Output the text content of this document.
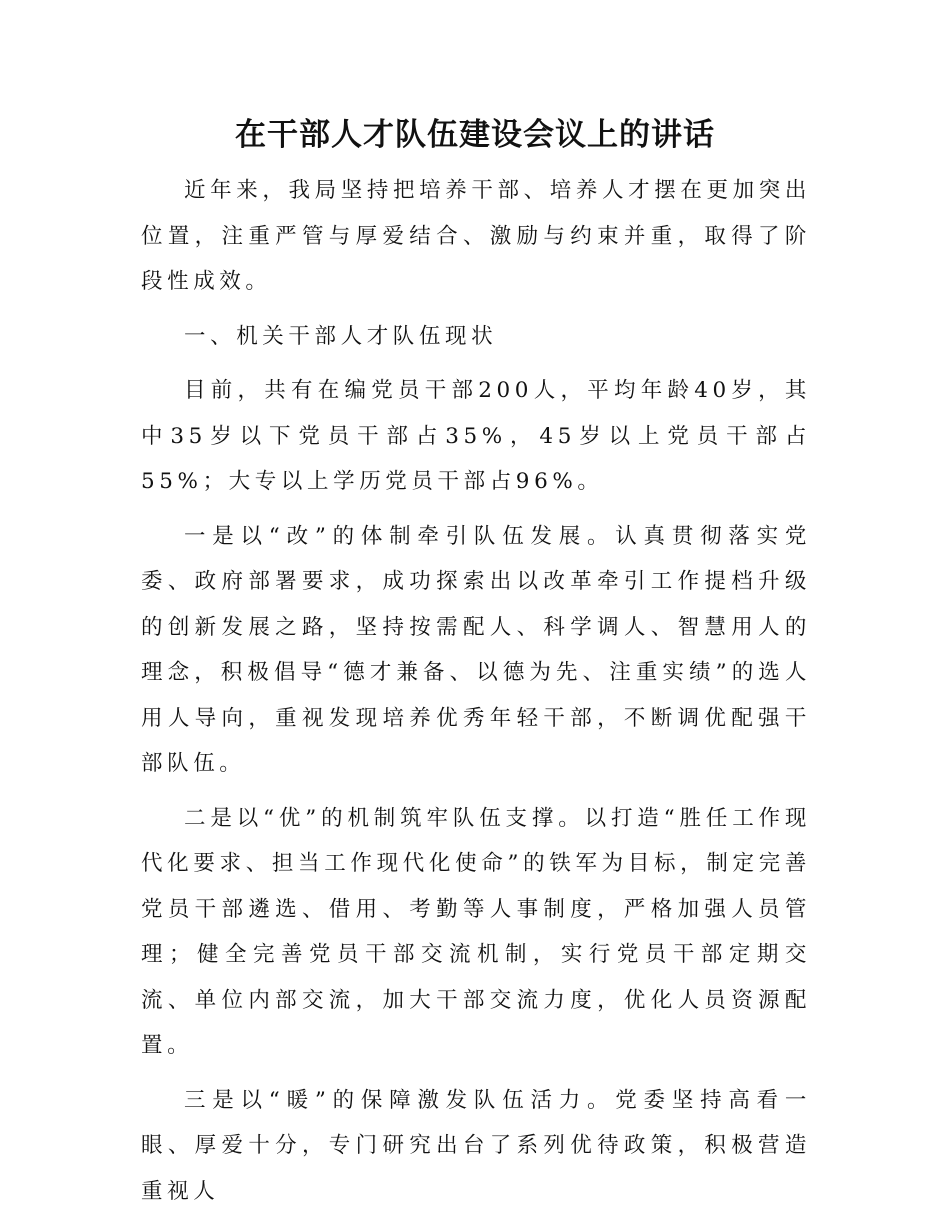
在干部人才队伍建设会议上的讲话

近年来，我局坚持把培养干部、培养人才摆在更加突出位置，注重严管与厚爱结合、激励与约束并重，取得了阶段性成效。

一、机关干部人才队伍现状

目前，共有在编党员干部200人，平均年龄40岁，其中35岁以下党员干部占35%，45岁以上党员干部占55%；大专以上学历党员干部占96%。

一是以“改”的体制牵引队伍发展。认真贯彻落实党委、政府部署要求，成功探索出以改革牵引工作提档升级的创新发展之路，坚持按需配人、科学调人、智慧用人的理念，积极倡导“德才兼备、以德为先、注重实绩”的选人用人导向，重视发现培养优秀年轻干部，不断调优配强干部队伍。

二是以“优”的机制筑牢队伍支撑。以打造“胜任工作现代化要求、担当工作现代化使命”的铁军为目标，制定完善党员干部遴选、借用、考勤等人事制度，严格加强人员管理；健全完善党员干部交流机制，实行党员干部定期交流、单位内部交流，加大干部交流力度，优化人员资源配置。

三是以“暖”的保障激发队伍活力。党委坚持高看一眼、厚爱十分，专门研究出台了系列优待政策，积极营造重视人
